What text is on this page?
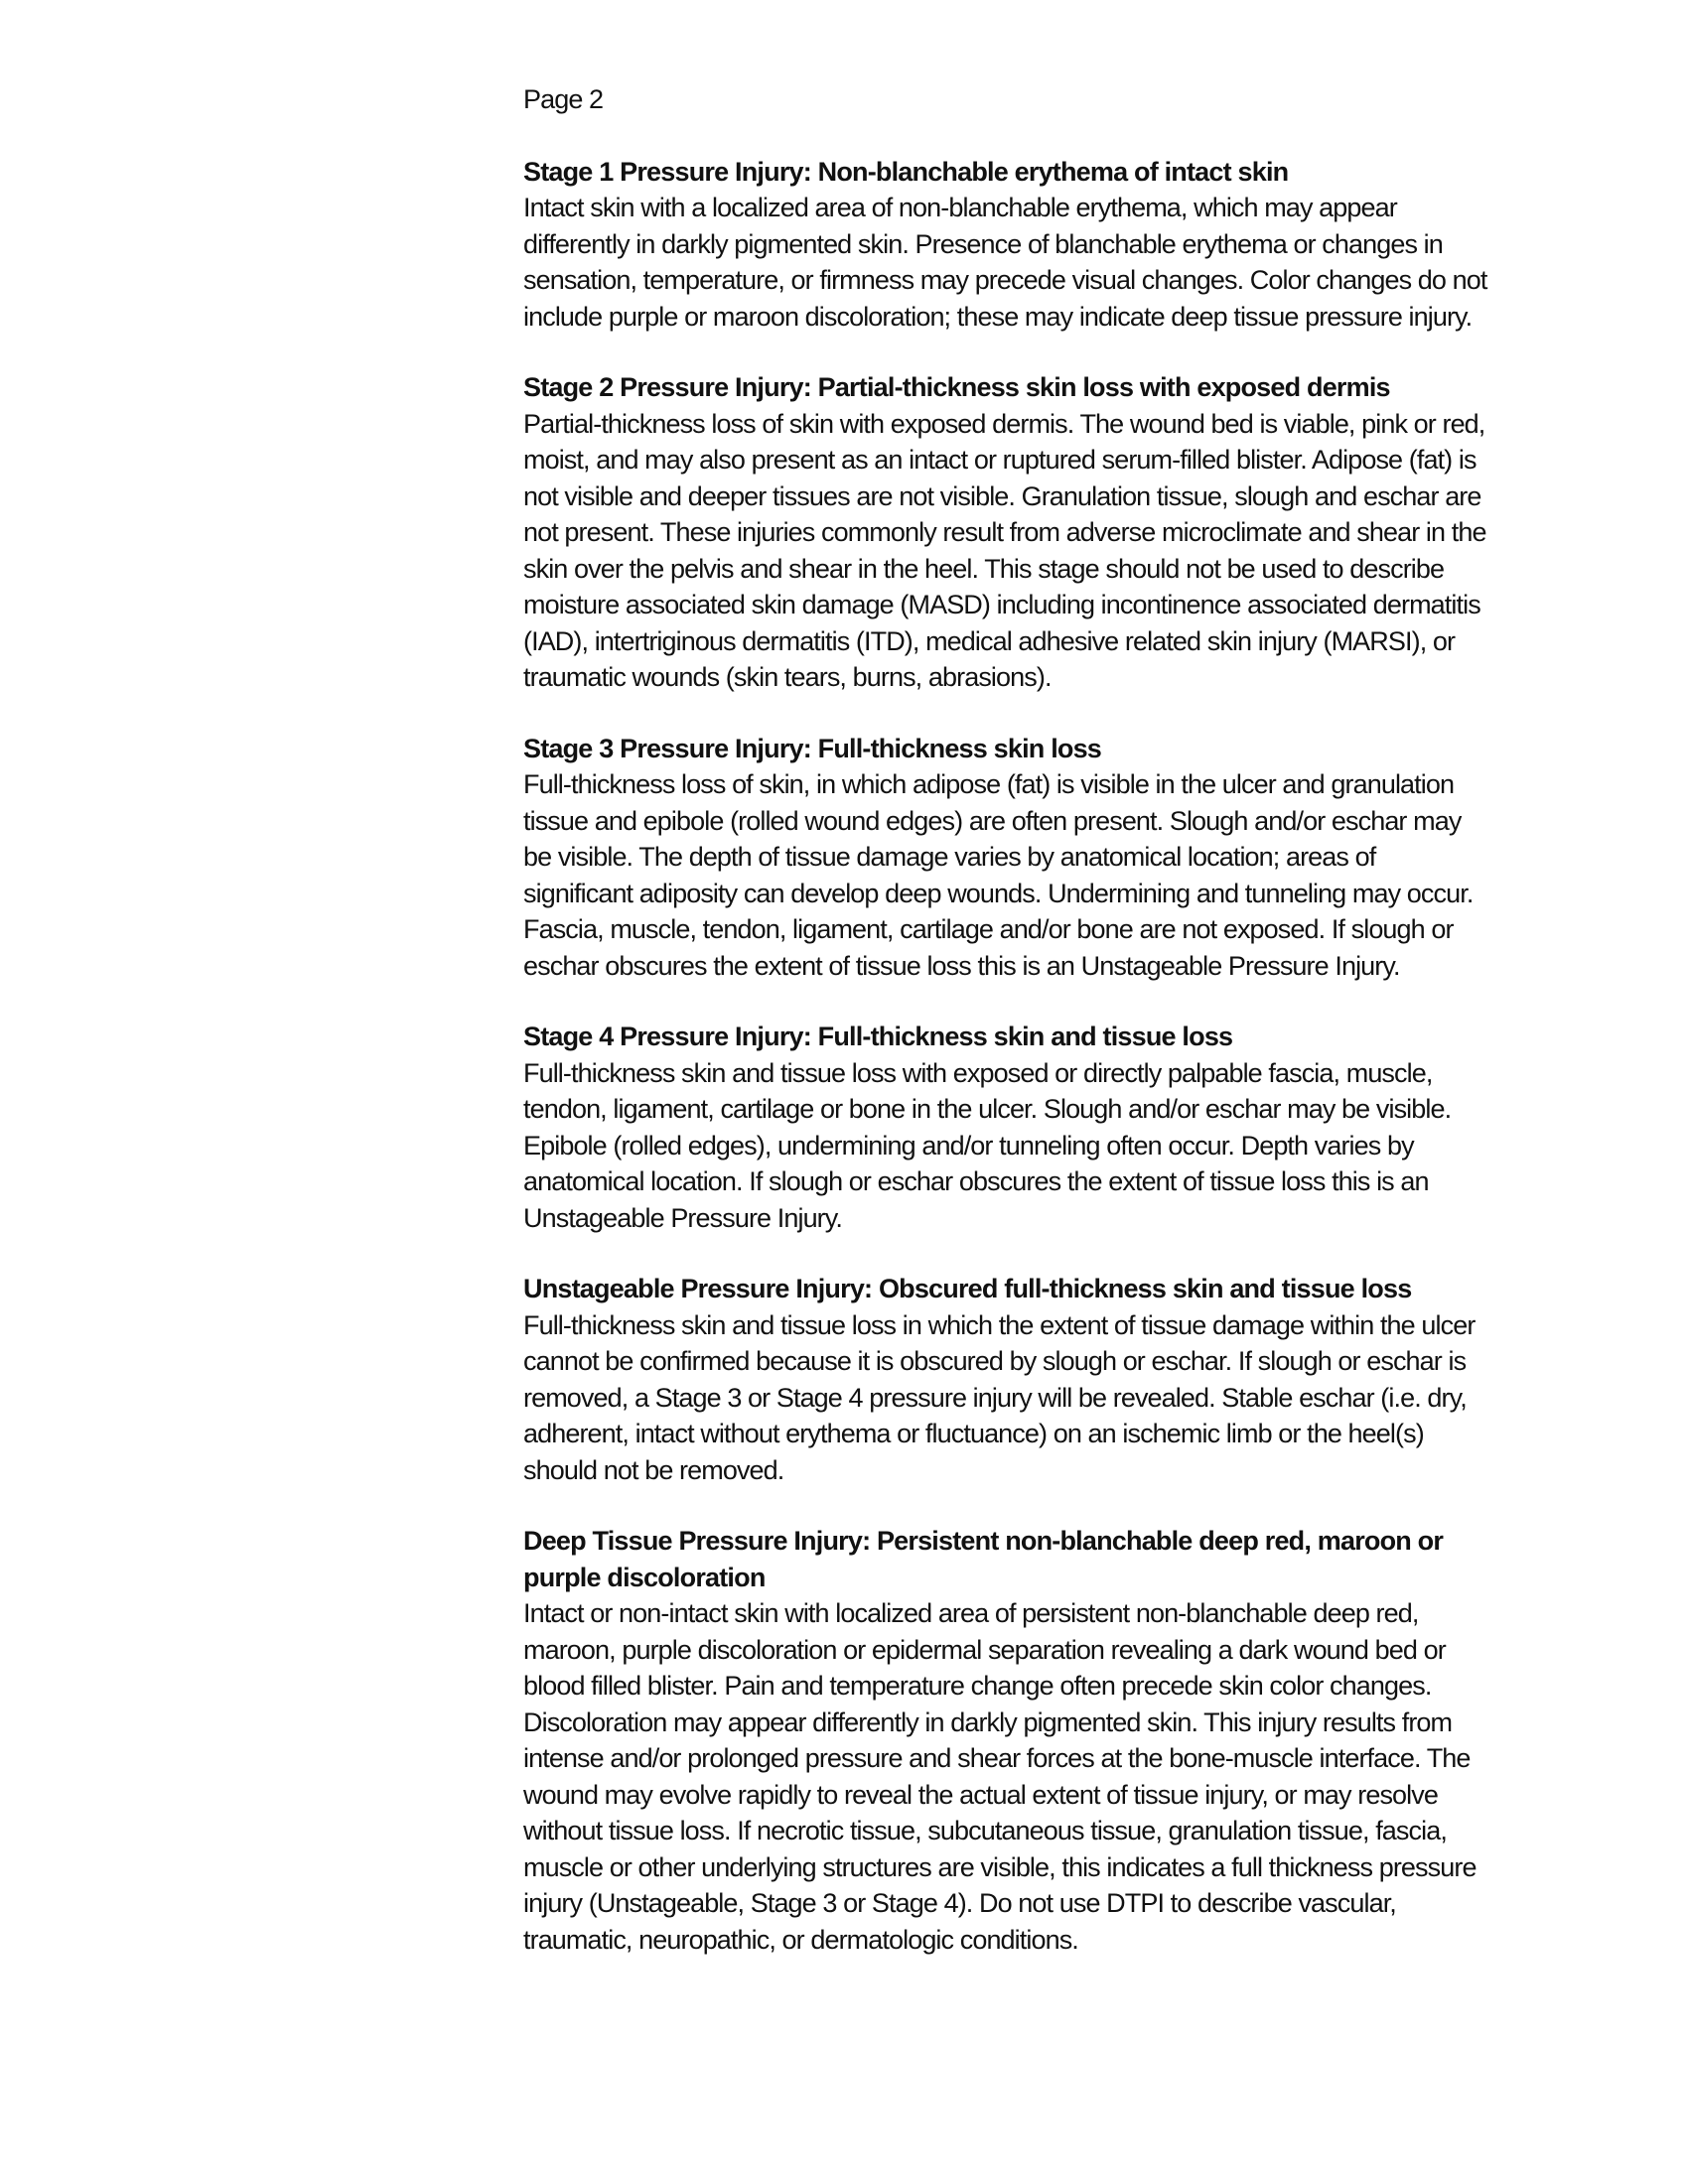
Page 2

Stage 1 Pressure Injury: Non-blanchable erythema of intact skin

Intact skin with a localized area of non-blanchable erythema, which may appear differently in darkly pigmented skin. Presence of blanchable erythema or changes in sensation, temperature, or firmness may precede visual changes. Color changes do not include purple or maroon discoloration; these may indicate deep tissue pressure injury.

Stage 2 Pressure Injury: Partial-thickness skin loss with exposed dermis

Partial-thickness loss of skin with exposed dermis. The wound bed is viable, pink or red, moist, and may also present as an intact or ruptured serum-filled blister. Adipose (fat) is not visible and deeper tissues are not visible. Granulation tissue, slough and eschar are not present. These injuries commonly result from adverse microclimate and shear in the skin over the pelvis and shear in the heel. This stage should not be used to describe moisture associated skin damage (MASD) including incontinence associated dermatitis (IAD), intertriginous dermatitis (ITD), medical adhesive related skin injury (MARSI), or traumatic wounds (skin tears, burns, abrasions).

Stage 3 Pressure Injury: Full-thickness skin loss

Full-thickness loss of skin, in which adipose (fat) is visible in the ulcer and granulation tissue and epibole (rolled wound edges) are often present. Slough and/or eschar may be visible. The depth of tissue damage varies by anatomical location; areas of significant adiposity can develop deep wounds. Undermining and tunneling may occur. Fascia, muscle, tendon, ligament, cartilage and/or bone are not exposed. If slough or eschar obscures the extent of tissue loss this is an Unstageable Pressure Injury.

Stage 4 Pressure Injury: Full-thickness skin and tissue loss

Full-thickness skin and tissue loss with exposed or directly palpable fascia, muscle, tendon, ligament, cartilage or bone in the ulcer. Slough and/or eschar may be visible. Epibole (rolled edges), undermining and/or tunneling often occur. Depth varies by anatomical location. If slough or eschar obscures the extent of tissue loss this is an Unstageable Pressure Injury.

Unstageable Pressure Injury: Obscured full-thickness skin and tissue loss

Full-thickness skin and tissue loss in which the extent of tissue damage within the ulcer cannot be confirmed because it is obscured by slough or eschar. If slough or eschar is removed, a Stage 3 or Stage 4 pressure injury will be revealed. Stable eschar (i.e. dry, adherent, intact without erythema or fluctuance) on an ischemic limb or the heel(s) should not be removed.

Deep Tissue Pressure Injury: Persistent non-blanchable deep red, maroon or purple discoloration

Intact or non-intact skin with localized area of persistent non-blanchable deep red, maroon, purple discoloration or epidermal separation revealing a dark wound bed or blood filled blister. Pain and temperature change often precede skin color changes. Discoloration may appear differently in darkly pigmented skin. This injury results from intense and/or prolonged pressure and shear forces at the bone-muscle interface. The wound may evolve rapidly to reveal the actual extent of tissue injury, or may resolve without tissue loss. If necrotic tissue, subcutaneous tissue, granulation tissue, fascia, muscle or other underlying structures are visible, this indicates a full thickness pressure injury (Unstageable, Stage 3 or Stage 4). Do not use DTPI to describe vascular, traumatic, neuropathic, or dermatologic conditions.
